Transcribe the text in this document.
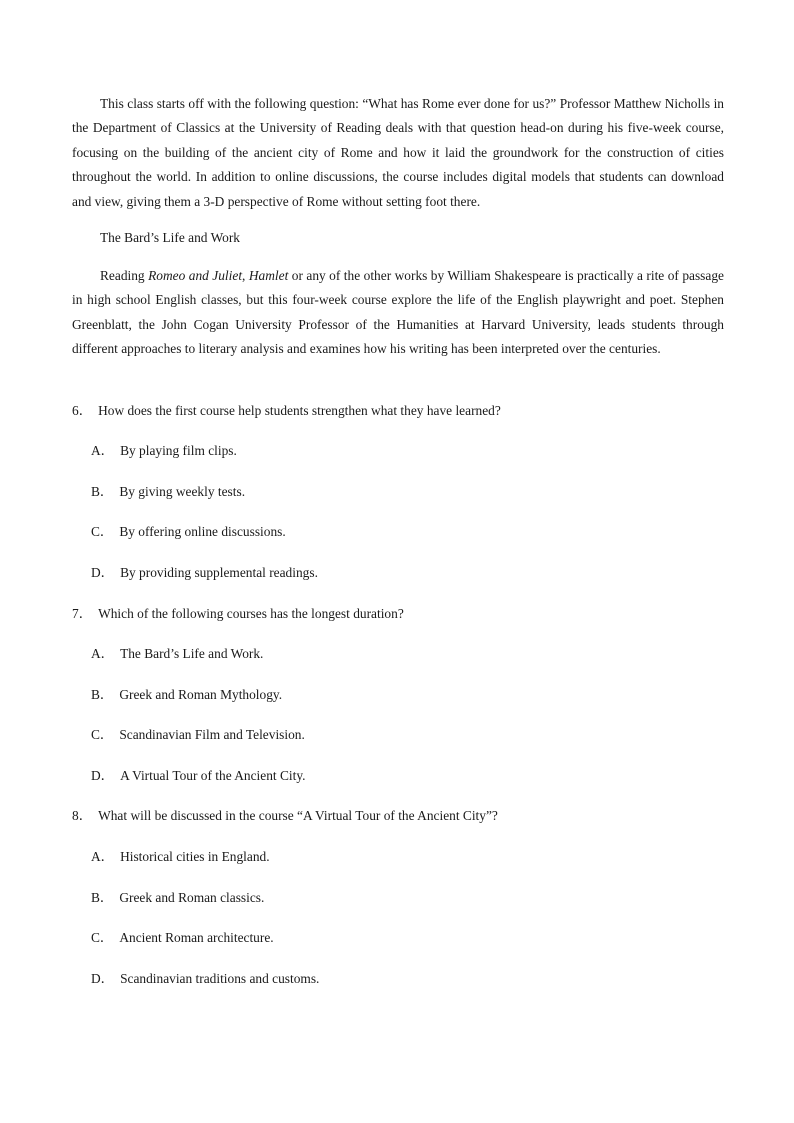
This class starts off with the following question: “What has Rome ever done for us?” Professor Matthew Nicholls in the Department of Classics at the University of Reading deals with that question head-on during his five-week course, focusing on the building of the ancient city of Rome and how it laid the groundwork for the construction of cities throughout the world. In addition to online discussions, the course includes digital models that students can download and view, giving them a 3-D perspective of Rome without setting foot there.

The Bard’s Life and Work

Reading Romeo and Juliet, Hamlet or any of the other works by William Shakespeare is practically a rite of passage in high school English classes, but this four-week course explore the life of the English playwright and poet. Stephen Greenblatt, the John Cogan University Professor of the Humanities at Harvard University, leads students through different approaches to literary analysis and examines how his writing has been interpreted over the centuries.

6． How does the first course help students strengthen what they have learned?

A． By playing film clips.

B． By giving weekly tests.

C． By offering online discussions.

D． By providing supplemental readings.

7． Which of the following courses has the longest duration?

A． The Bard’s Life and Work.

B． Greek and Roman Mythology.

C． Scandinavian Film and Television.

D． A Virtual Tour of the Ancient City.

8． What will be discussed in the course “A Virtual Tour of the Ancient City”?

A． Historical cities in England.

B． Greek and Roman classics.

C． Ancient Roman architecture.

D． Scandinavian traditions and customs.
